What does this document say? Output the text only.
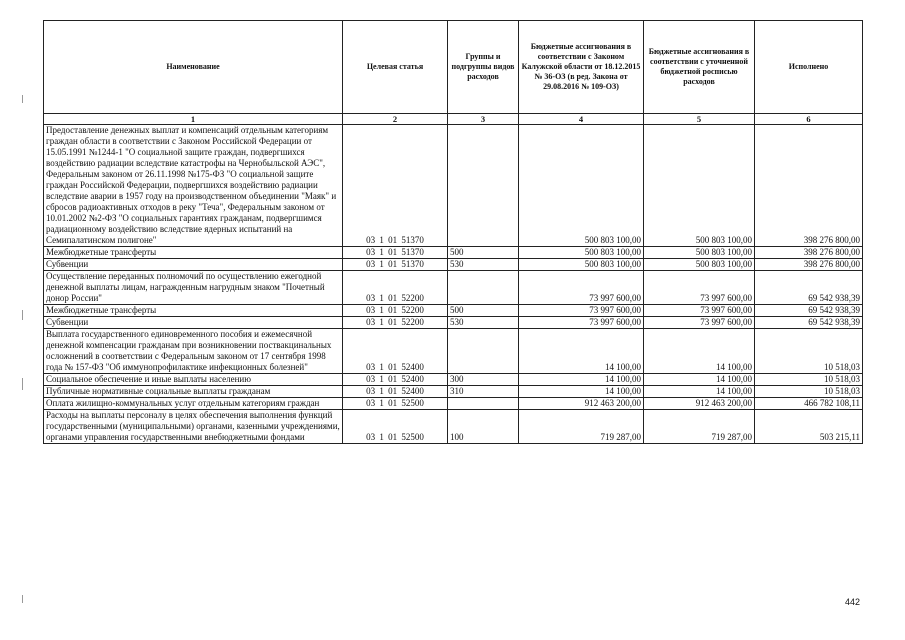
Наименование	Целевая статья	Группы и подгруппы видов расходов	Бюджетные ассигнования в соответствии с Законом Калужской области от 18.12.2015 № 36-ОЗ (в ред. Закона от 29.08.2016 № 109-ОЗ)	Бюджетные ассигнования в соответствии с уточненной бюджетной росписью расходов	Исполнено
1	2	3	4	5	6
Предоставление денежных выплат и компенсаций отдельным категориям граждан области в соответствии с Законом Российской Федерации от 15.05.1991 №1244-1 "О социальной защите граждан, подвергшихся воздействию радиации вследствие катастрофы на Чернобыльской АЭС", Федеральным законом от 26.11.1998 №175-ФЗ "О социальной защите граждан Российской Федерации, подвергшихся воздействию радиации вследствие аварии в 1957 году на производственном объединении "Маяк" и сбросов радиоактивных отходов в реку "Теча", Федеральным законом от 10.01.2002 №2-ФЗ "О социальных гарантиях гражданам, подвергшимся радиационному воздействию вследствие ядерных испытаний на Семипалатинском полигоне"	03 1 01 51370		500 803 100,00	500 803 100,00	398 276 800,00
Межбюджетные трансферты	03 1 01 51370	500	500 803 100,00	500 803 100,00	398 276 800,00
Субвенции	03 1 01 51370	530	500 803 100,00	500 803 100,00	398 276 800,00
Осуществление переданных полномочий по осуществлению ежегодной денежной выплаты лицам, награжденным нагрудным знаком "Почетный донор России"	03 1 01 52200		73 997 600,00	73 997 600,00	69 542 938,39
Межбюджетные трансферты	03 1 01 52200	500	73 997 600,00	73 997 600,00	69 542 938,39
Субвенции	03 1 01 52200	530	73 997 600,00	73 997 600,00	69 542 938,39
Выплата государственного единовременного пособия и ежемесячной денежной компенсации гражданам при возникновении поствакцинальных осложнений в соответствии с Федеральным законом от 17 сентября 1998 года № 157-ФЗ "Об иммунопрофилактике инфекционных болезней"	03 1 01 52400		14 100,00	14 100,00	10 518,03
Социальное обеспечение и иные выплаты населению	03 1 01 52400	300	14 100,00	14 100,00	10 518,03
Публичные нормативные социальные выплаты гражданам	03 1 01 52400	310	14 100,00	14 100,00	10 518,03
Оплата жилищно-коммунальных услуг отдельным категориям граждан	03 1 01 52500		912 463 200,00	912 463 200,00	466 782 108,11
Расходы на выплаты персоналу в целях обеспечения выполнения функций государственными (муниципальными) органами, казенными учреждениями, органами управления государственными внебюджетными фондами	03 1 01 52500	100	719 287,00	719 287,00	503 215,11
442
